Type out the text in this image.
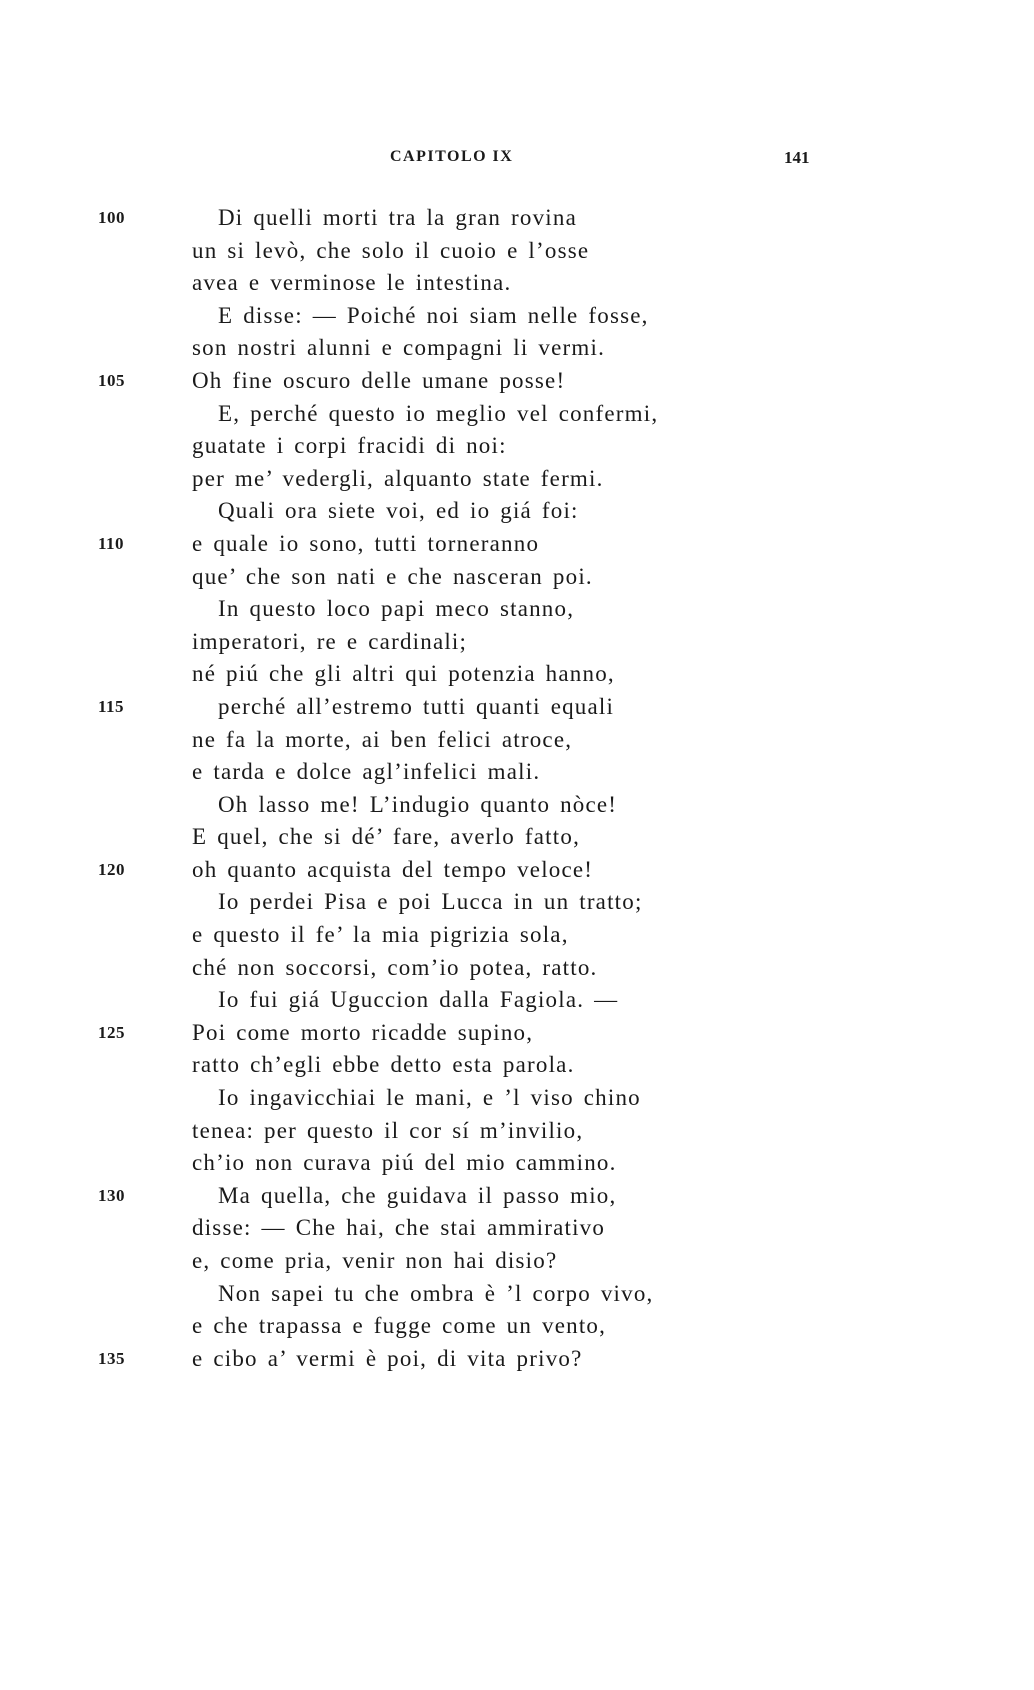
CAPITOLO IX	141
100	Di quelli morti tra la gran rovina
un si levò, che solo il cuoio e l’osse
avea e verminose le intestina.
E disse: — Poiché noi siam nelle fosse,
son nostri alunni e compagni li vermi.
105	Oh fine oscuro delle umane posse!
E, perché questo io meglio vel confermi,
guatate i corpi fracidi di noi:
per me’ vedergli, alquanto state fermi.
Quali ora siete voi, ed io giá foi:
110	e quale io sono, tutti torneranno
que’ che son nati e che nasceran poi.
In questo loco papi meco stanno,
imperatori, re e cardinali;
né piú che gli altri qui potenzia hanno,
115	perché all’estremo tutti quanti equali
ne fa la morte, ai ben felici atroce,
e tarda e dolce agl’infelici mali.
Oh lasso me! L’indugio quanto nòce!
E quel, che si dé’ fare, averlo fatto,
120	oh quanto acquista del tempo veloce!
Io perdei Pisa e poi Lucca in un tratto;
e questo il fe’ la mia pigrizia sola,
ché non soccorsi, com’io potea, ratto.
Io fui giá Uguccion dalla Fagiola. —
125	Poi come morto ricadde supino,
ratto ch’egli ebbe detto esta parola.
Io ingavicchiai le mani, e ’l viso chino
tenea: per questo il cor sí m’invilio,
ch’io non curava piú del mio cammino.
130	Ma quella, che guidava il passo mio,
disse: — Che hai, che stai ammirativo
e, come pria, venir non hai disio?
Non sapei tu che ombra è ’l corpo vivo,
e che trapassa e fugge come un vento,
135	e cibo a’ vermi è poi, di vita privo?
